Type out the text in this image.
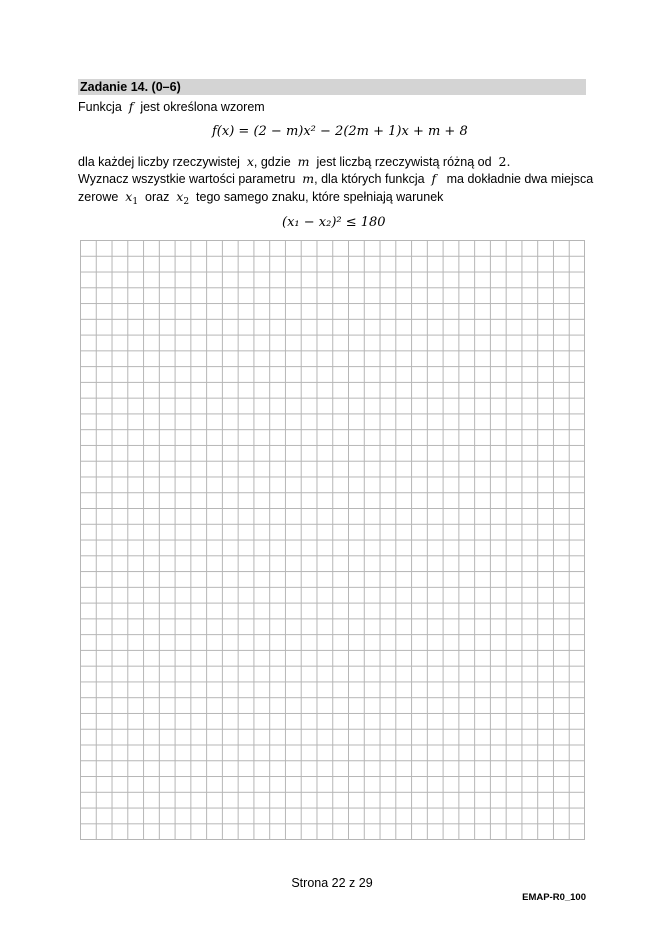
Zadanie 14. (0–6)
Funkcja f jest określona wzorem
f(x) = (2 − m)x² − 2(2m + 1)x + m + 8
dla każdej liczby rzeczywistej x, gdzie m jest liczbą rzeczywistą różną od 2.
Wyznacz wszystkie wartości parametru m, dla których funkcja f ma dokładnie dwa miejsca
zerowe $x_1$ oraz $x_2$ tego samego znaku, które spełniają warunek
(x₁ − x₂)² ≤ 180
Strona 22 z 29
EMAP-R0_100
